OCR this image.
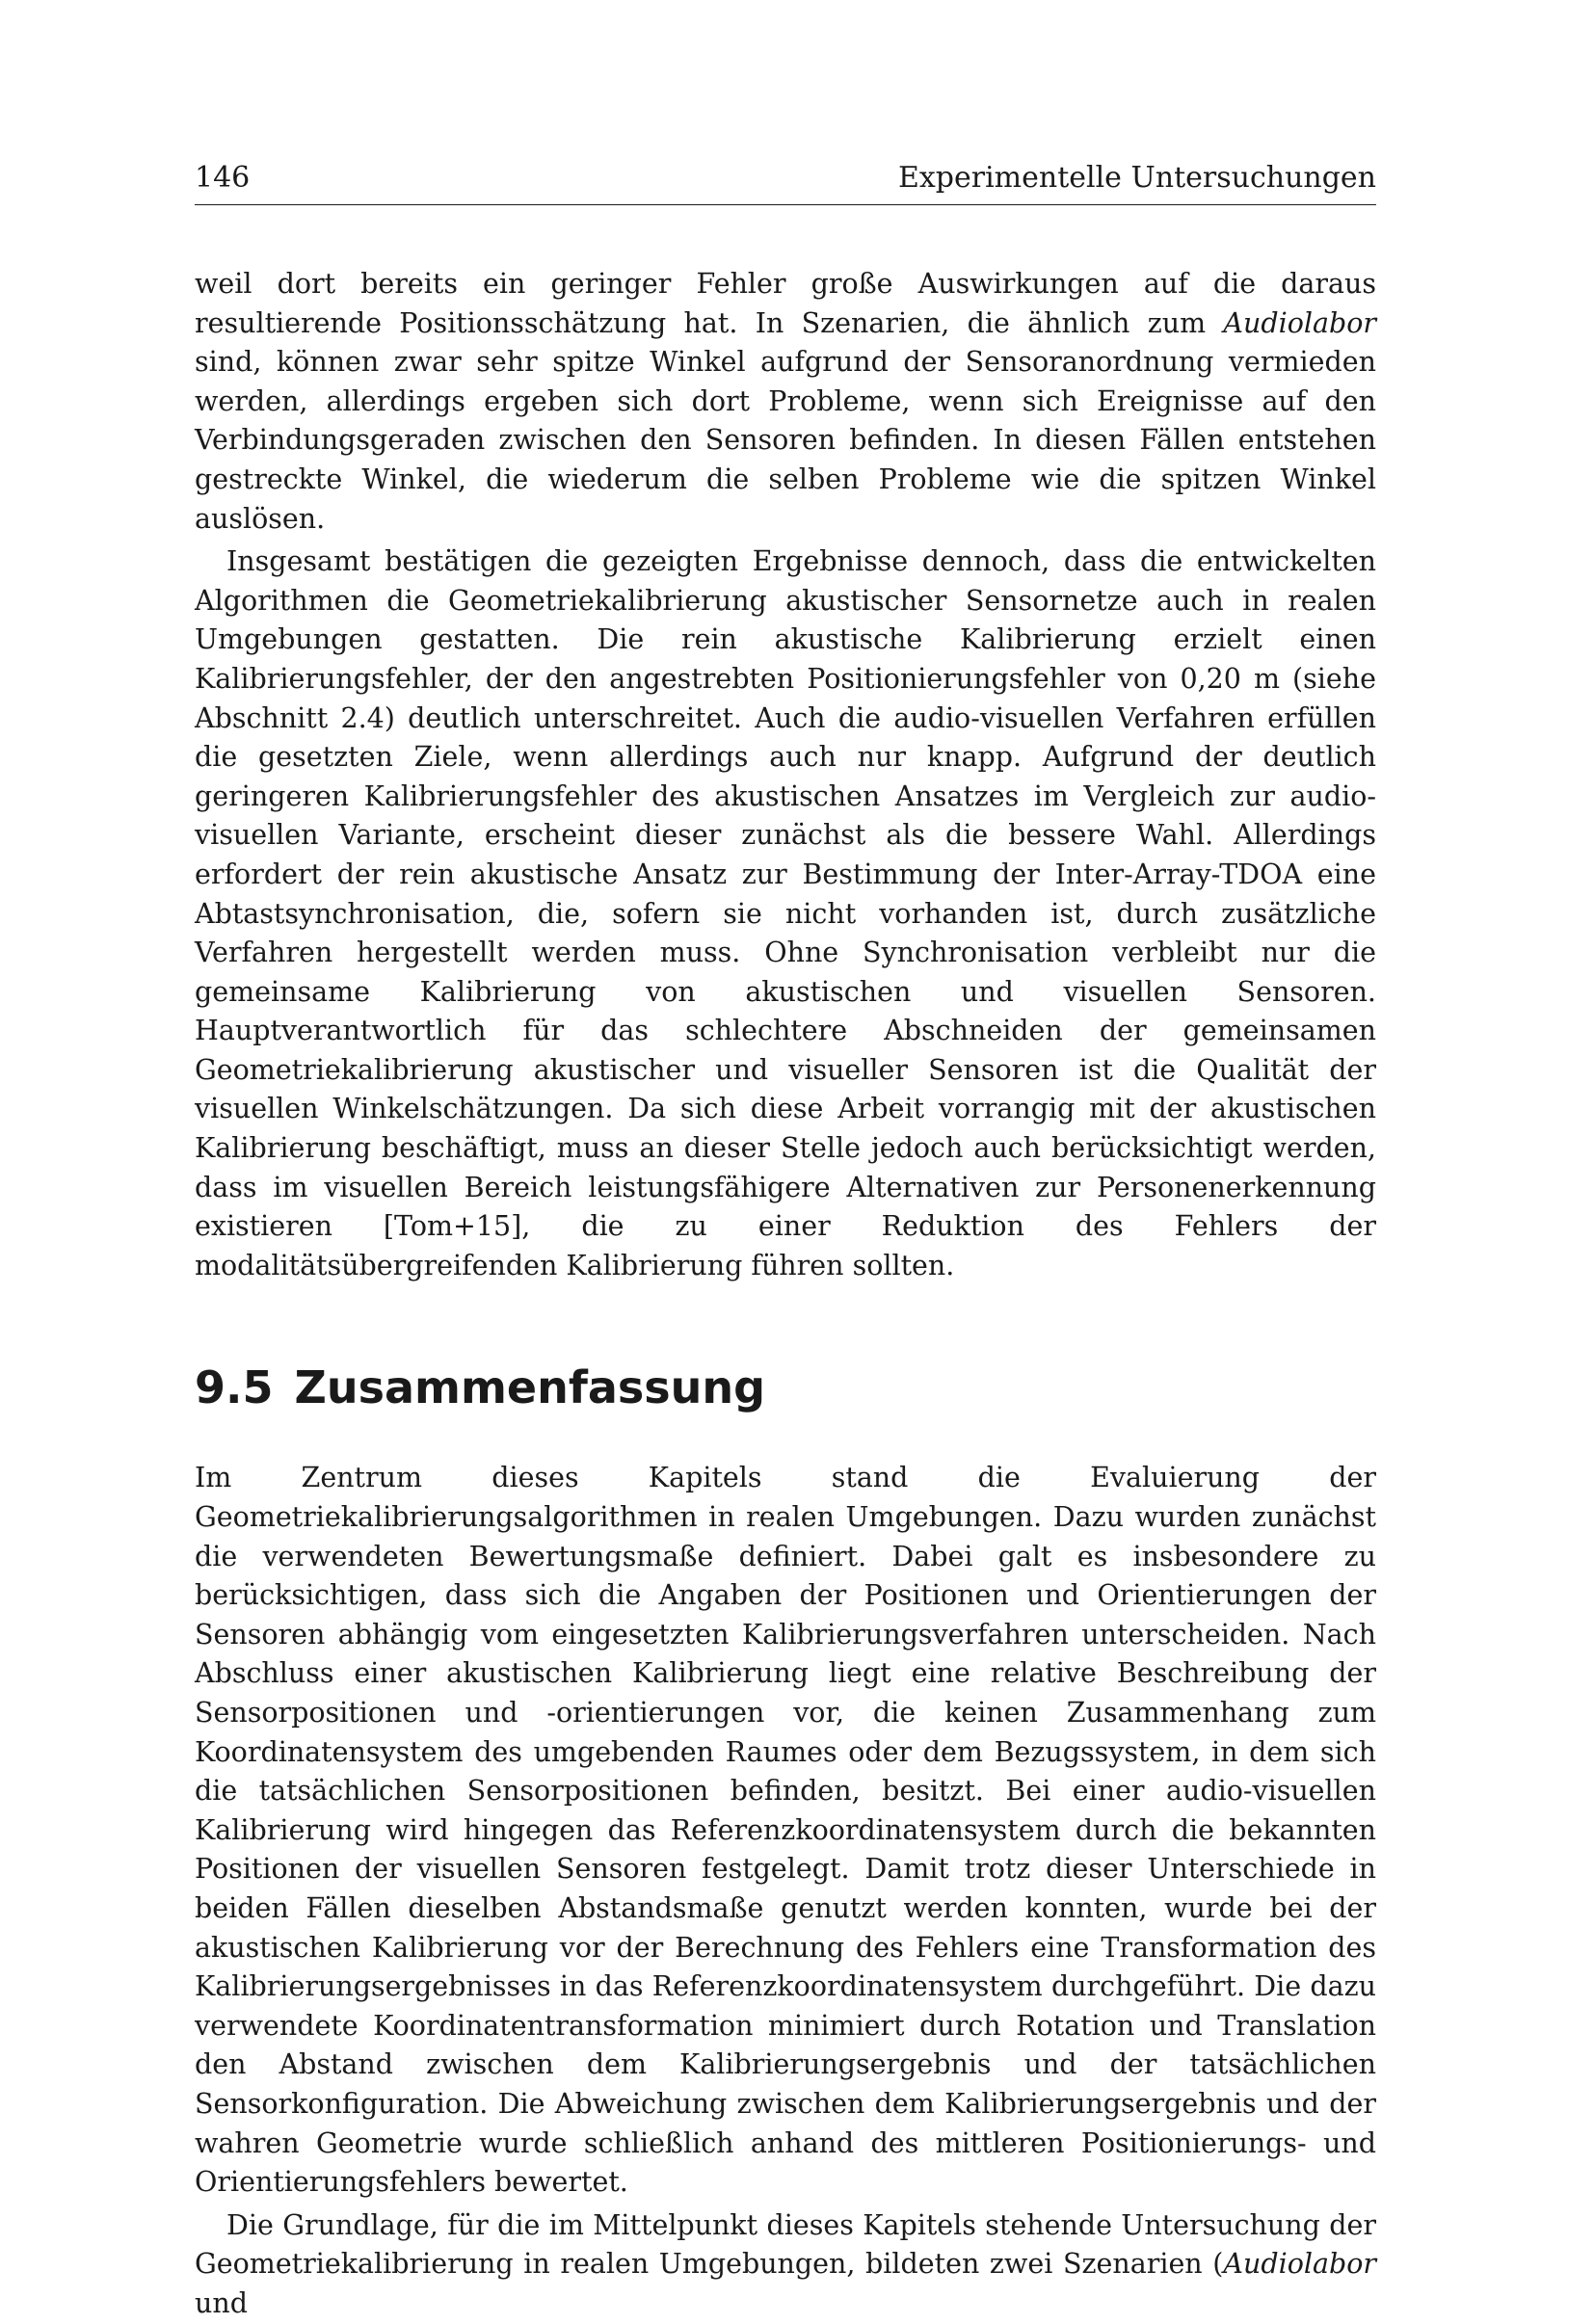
146	Experimentelle Untersuchungen

weil dort bereits ein geringer Fehler große Auswirkungen auf die daraus resultierende Positionsschätzung hat. In Szenarien, die ähnlich zum Audiolabor sind, können zwar sehr spitze Winkel aufgrund der Sensoranordnung vermieden werden, allerdings ergeben sich dort Probleme, wenn sich Ereignisse auf den Verbindungsgeraden zwischen den Sensoren befinden. In diesen Fällen entstehen gestreckte Winkel, die wiederum die selben Probleme wie die spitzen Winkel auslösen.

Insgesamt bestätigen die gezeigten Ergebnisse dennoch, dass die entwickelten Algorithmen die Geometriekalibrierung akustischer Sensornetze auch in realen Umgebungen gestatten. Die rein akustische Kalibrierung erzielt einen Kalibrierungsfehler, der den angestrebten Positionierungsfehler von 0,20 m (siehe Abschnitt 2.4) deutlich unterschreitet. Auch die audio-visuellen Verfahren erfüllen die gesetzten Ziele, wenn allerdings auch nur knapp. Aufgrund der deutlich geringeren Kalibrierungsfehler des akustischen Ansatzes im Vergleich zur audio-visuellen Variante, erscheint dieser zunächst als die bessere Wahl. Allerdings erfordert der rein akustische Ansatz zur Bestimmung der Inter-Array-TDOA eine Abtastsynchronisation, die, sofern sie nicht vorhanden ist, durch zusätzliche Verfahren hergestellt werden muss. Ohne Synchronisation verbleibt nur die gemeinsame Kalibrierung von akustischen und visuellen Sensoren. Hauptverantwortlich für das schlechtere Abschneiden der gemeinsamen Geometriekalibrierung akustischer und visueller Sensoren ist die Qualität der visuellen Winkelschätzungen. Da sich diese Arbeit vorrangig mit der akustischen Kalibrierung beschäftigt, muss an dieser Stelle jedoch auch berücksichtigt werden, dass im visuellen Bereich leistungsfähigere Alternativen zur Personenerkennung existieren [Tom+15], die zu einer Reduktion des Fehlers der modalitätsübergreifenden Kalibrierung führen sollten.

9.5 Zusammenfassung

Im Zentrum dieses Kapitels stand die Evaluierung der Geometriekalibrierungsalgorithmen in realen Umgebungen. Dazu wurden zunächst die verwendeten Bewertungsmaße definiert. Dabei galt es insbesondere zu berücksichtigen, dass sich die Angaben der Positionen und Orientierungen der Sensoren abhängig vom eingesetzten Kalibrierungsverfahren unterscheiden. Nach Abschluss einer akustischen Kalibrierung liegt eine relative Beschreibung der Sensorpositionen und -orientierungen vor, die keinen Zusammenhang zum Koordinatensystem des umgebenden Raumes oder dem Bezugssystem, in dem sich die tatsächlichen Sensorpositionen befinden, besitzt. Bei einer audio-visuellen Kalibrierung wird hingegen das Referenzkoordinatensystem durch die bekannten Positionen der visuellen Sensoren festgelegt. Damit trotz dieser Unterschiede in beiden Fällen dieselben Abstandsmaße genutzt werden konnten, wurde bei der akustischen Kalibrierung vor der Berechnung des Fehlers eine Transformation des Kalibrierungsergebnisses in das Referenzkoordinatensystem durchgeführt. Die dazu verwendete Koordinatentransformation minimiert durch Rotation und Translation den Abstand zwischen dem Kalibrierungsergebnis und der tatsächlichen Sensorkonfiguration. Die Abweichung zwischen dem Kalibrierungsergebnis und der wahren Geometrie wurde schließlich anhand des mittleren Positionierungs- und Orientierungsfehlers bewertet.

Die Grundlage, für die im Mittelpunkt dieses Kapitels stehende Untersuchung der Geometriekalibrierung in realen Umgebungen, bildeten zwei Szenarien (Audiolabor und
